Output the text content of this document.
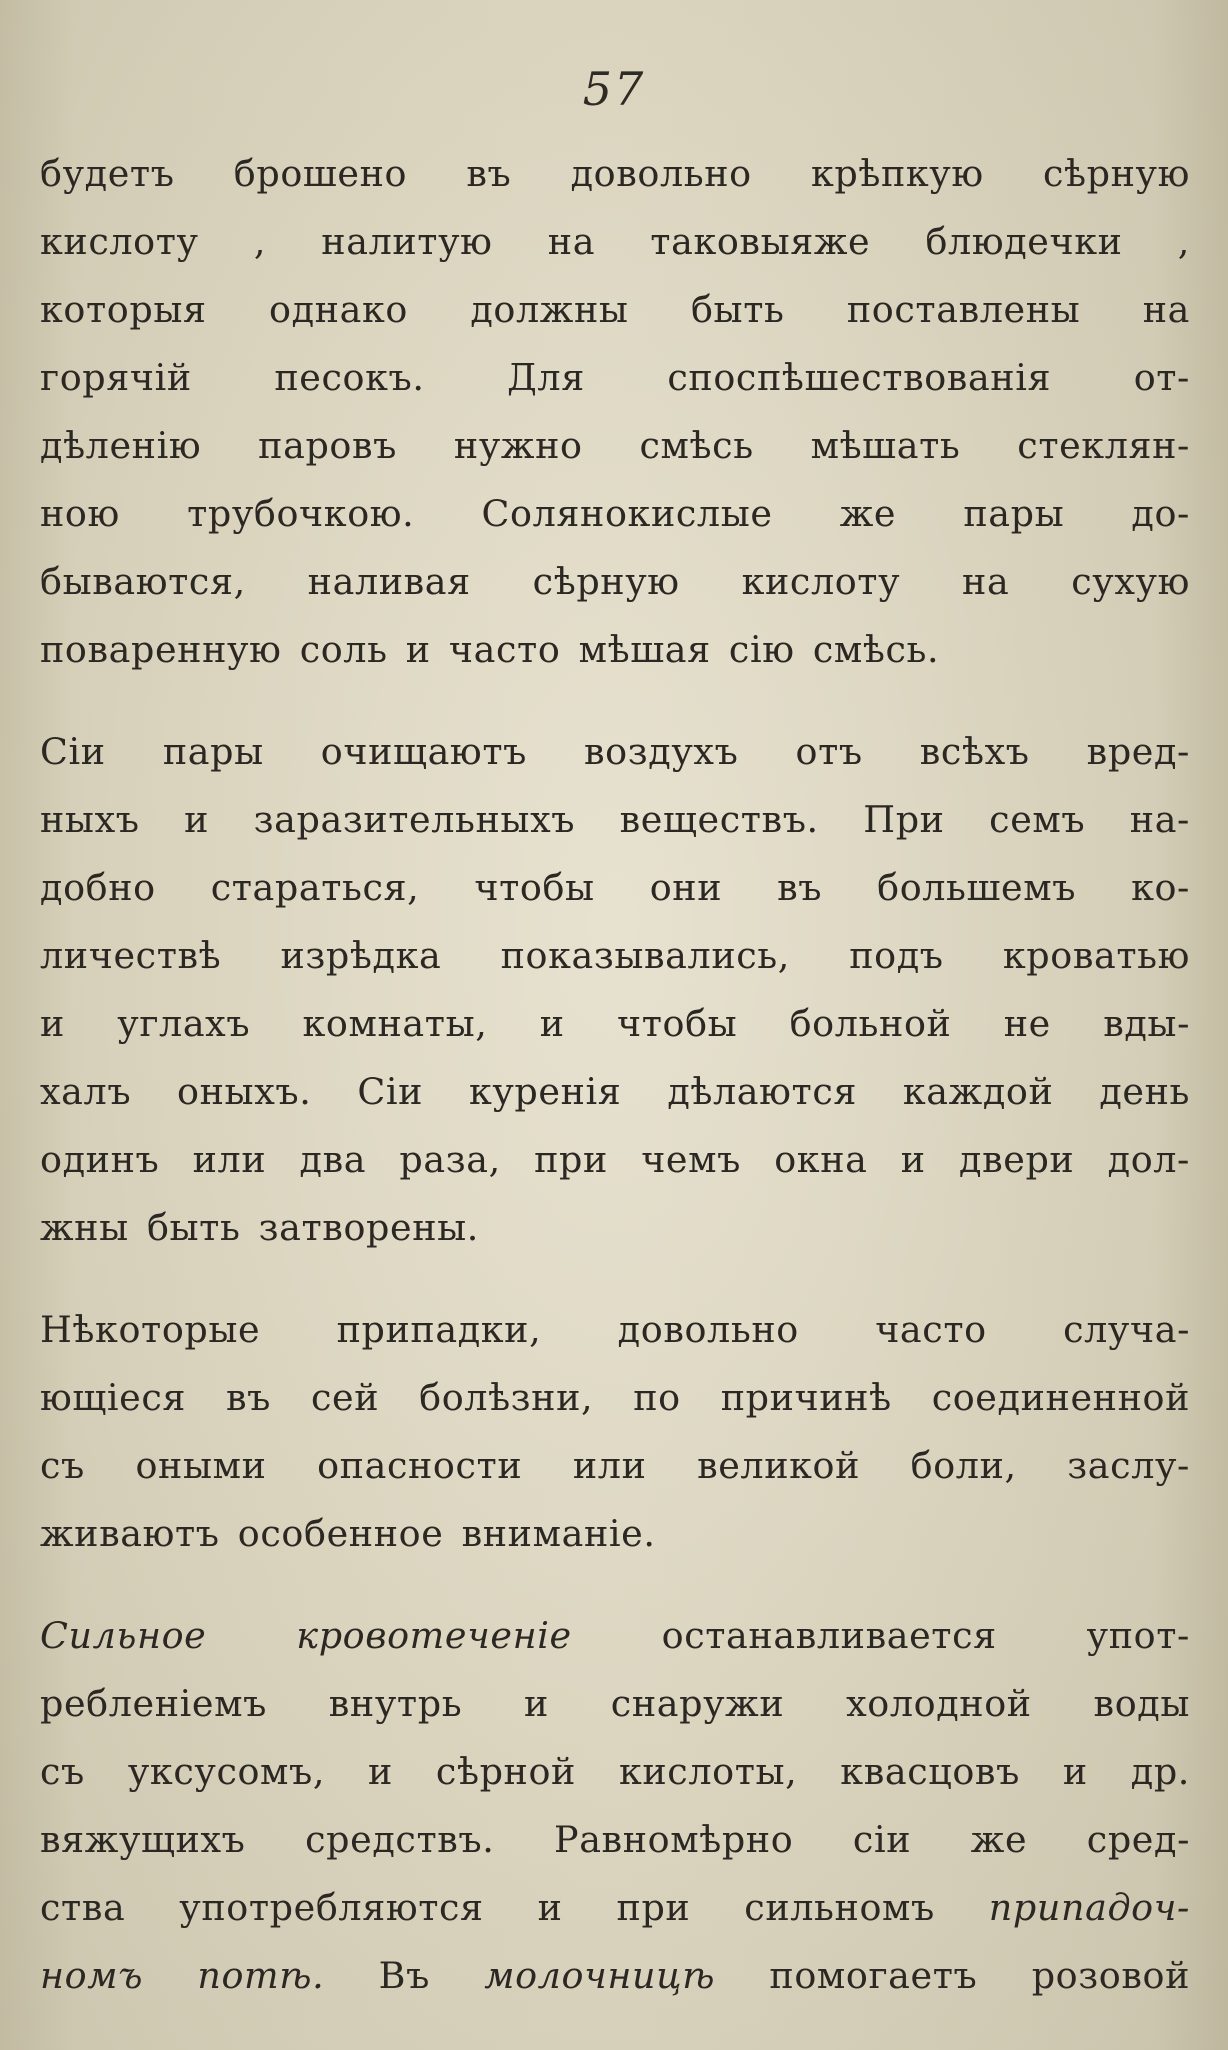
57
будетъ брошено въ довольно крѣпкую сѣрную
кислоту , налитую на таковыяже блюдечки ,
которыя однако должны быть поставлены на
горячій песокъ. Для споспѣшествованія от-
дѣленію паровъ нужно смѣсь мѣшать стеклян-
ною трубочкою. Солянокислые же пары до-
бываются, наливая сѣрную кислоту на сухую
поваренную соль и часто мѣшая сію смѣсь.
Сіи пары очищаютъ воздухъ отъ всѣхъ вред-
ныхъ и заразительныхъ веществъ. При семъ на-
добно стараться, чтобы они въ большемъ ко-
личествѣ изрѣдка показывались, подъ кроватью
и углахъ комнаты, и чтобы больной не вды-
халъ оныхъ. Сіи куренія дѣлаются каждой день
одинъ или два раза, при чемъ окна и двери дол-
жны быть затворены.
Нѣкоторые припадки, довольно часто случа-
ющіеся въ сей болѣзни, по причинѣ соединенной
съ оными опасности или великой боли, заслу-
живаютъ особенное вниманіе.
Сильное кровотеченіе останавливается упот-
ребленіемъ внутрь и снаружи холодной воды
съ уксусомъ, и сѣрной кислоты, квасцовъ и др.
вяжущихъ средствъ. Равномѣрно сіи же сред-
ства употребляются и при сильномъ припадоч-
номъ потѣ. Въ молочницѣ помогаетъ розовой
